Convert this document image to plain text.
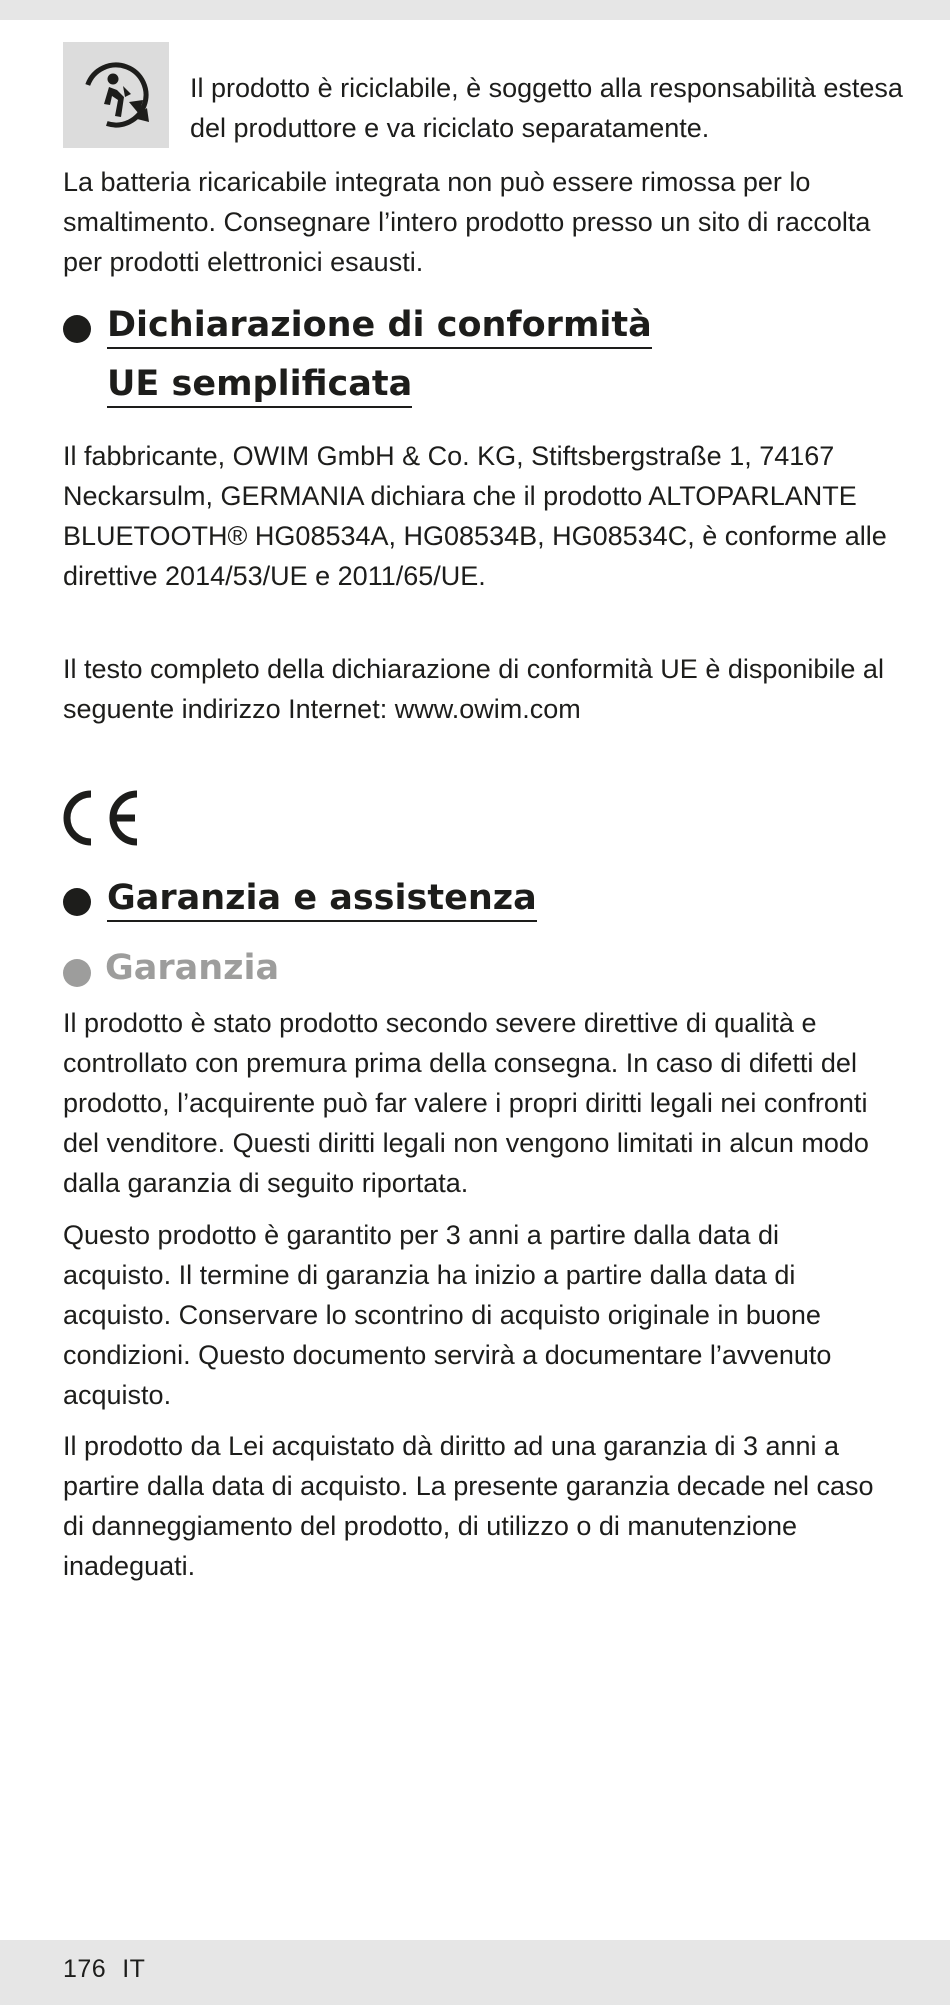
Il prodotto è riciclabile, è soggetto alla responsabilità estesa del produttore e va riciclato separatamente.

La batteria ricaricabile integrata non può essere rimossa per lo smaltimento. Consegnare l’intero prodotto presso un sito di raccolta per prodotti elettronici esausti.

Dichiarazione di conformità
UE semplificata

Il fabbricante, OWIM GmbH & Co. KG, Stiftsbergstraße 1, 74167 Neckarsulm, GERMANIA dichiara che il prodotto ALTOPARLANTE BLUETOOTH® HG08534A, HG08534B, HG08534C, è conforme alle direttive 2014/53/UE e 2011/65/UE.

Il testo completo della dichiarazione di conformità UE è disponibile al seguente indirizzo Internet: www.owim.com

CE
Garanzia e assistenza
Garanzia

Il prodotto è stato prodotto secondo severe direttive di qualità e controllato con premura prima della consegna. In caso di difetti del prodotto, l’acquirente può far valere i propri diritti legali nei confronti del venditore. Questi diritti legali non vengono limitati in alcun modo dalla garanzia di seguito riportata.

Questo prodotto è garantito per 3 anni a partire dalla data di acquisto. Il termine di garanzia ha inizio a partire dalla data di acquisto. Conservare lo scontrino di acquisto originale in buone condizioni. Questo documento servirà a documentare l’avvenuto acquisto.

Il prodotto da Lei acquistato dà diritto ad una garanzia di 3 anni a partire dalla data di acquisto. La presente garanzia decade nel caso di danneggiamento del prodotto, di utilizzo o di manutenzione inadeguati.

176 IT
